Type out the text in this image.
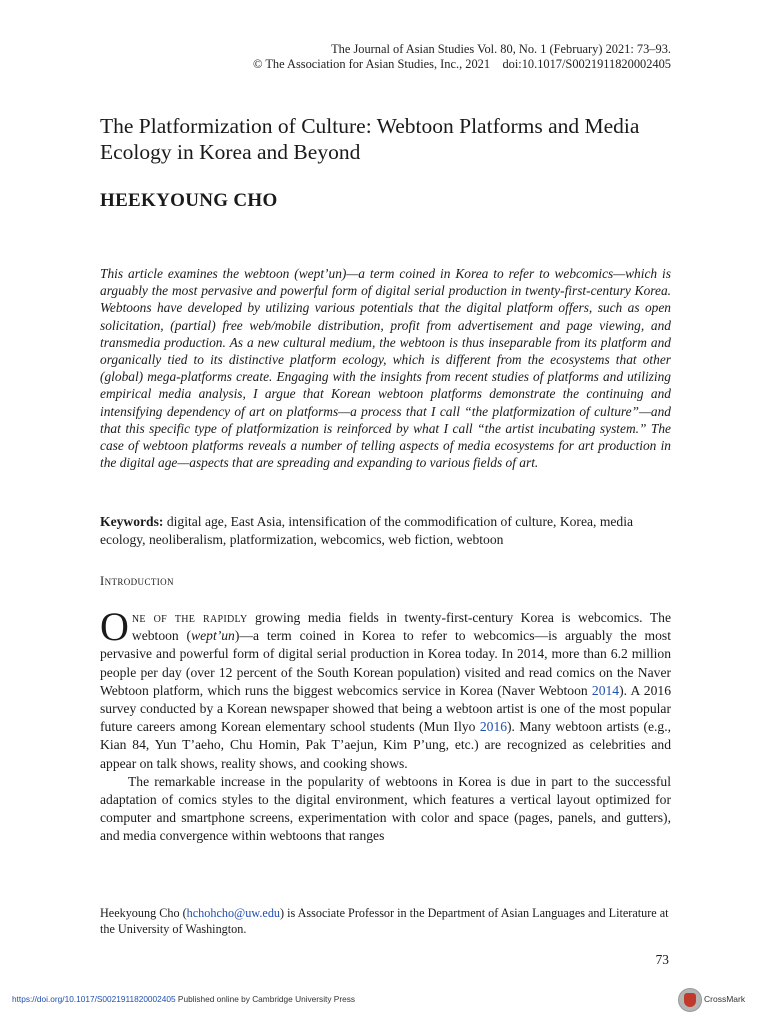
The Journal of Asian Studies Vol. 80, No. 1 (February) 2021: 73–93.
© The Association for Asian Studies, Inc., 2021    doi:10.1017/S0021911820002405
The Platformization of Culture: Webtoon Platforms and Media Ecology in Korea and Beyond
HEEKYOUNG CHO

This article examines the webtoon (wept’un)—a term coined in Korea to refer to webcomics—which is arguably the most pervasive and powerful form of digital serial production in twenty-first-century Korea. Webtoons have developed by utilizing various potentials that the digital platform offers, such as open solicitation, (partial) free web/mobile distribution, profit from advertisement and page viewing, and transmedia production. As a new cultural medium, the webtoon is thus inseparable from its platform and organically tied to its distinctive platform ecology, which is different from the ecosystems that other (global) mega-platforms create. Engaging with the insights from recent studies of platforms and utilizing empirical media analysis, I argue that Korean webtoon platforms demonstrate the continuing and intensifying dependency of art on platforms—a process that I call “the platformization of culture”—and that this specific type of platformization is reinforced by what I call “the artist incubating system.” The case of webtoon platforms reveals a number of telling aspects of media ecosystems for art production in the digital age—aspects that are spreading and expanding to various fields of art.

Keywords: digital age, East Asia, intensification of the commodification of culture, Korea, media ecology, neoliberalism, platformization, webcomics, web fiction, webtoon

Introduction

One of the rapidly growing media fields in twenty-first-century Korea is webcomics. The webtoon (wept’un)—a term coined in Korea to refer to webcomics—is arguably the most pervasive and powerful form of digital serial production in Korea today. In 2014, more than 6.2 million people per day (over 12 percent of the South Korean population) visited and read comics on the Naver Webtoon platform, which runs the biggest webcomics service in Korea (Naver Webtoon 2014). A 2016 survey conducted by a Korean newspaper showed that being a webtoon artist is one of the most popular future careers among Korean elementary school students (Mun Ilyo 2016). Many webtoon artists (e.g., Kian 84, Yun T’aeho, Chu Homin, Pak T’aejun, Kim P’ung, etc.) are recognized as celebrities and appear on talk shows, reality shows, and cooking shows.

The remarkable increase in the popularity of webtoons in Korea is due in part to the successful adaptation of comics styles to the digital environment, which features a vertical layout optimized for computer and smartphone screens, experimentation with color and space (pages, panels, and gutters), and media convergence within webtoons that ranges

Heekyoung Cho (hchohcho@uw.edu) is Associate Professor in the Department of Asian Languages and Literature at the University of Washington.

73
https://doi.org/10.1017/S0021911820002405 Published online by Cambridge University Press	CrossMark
